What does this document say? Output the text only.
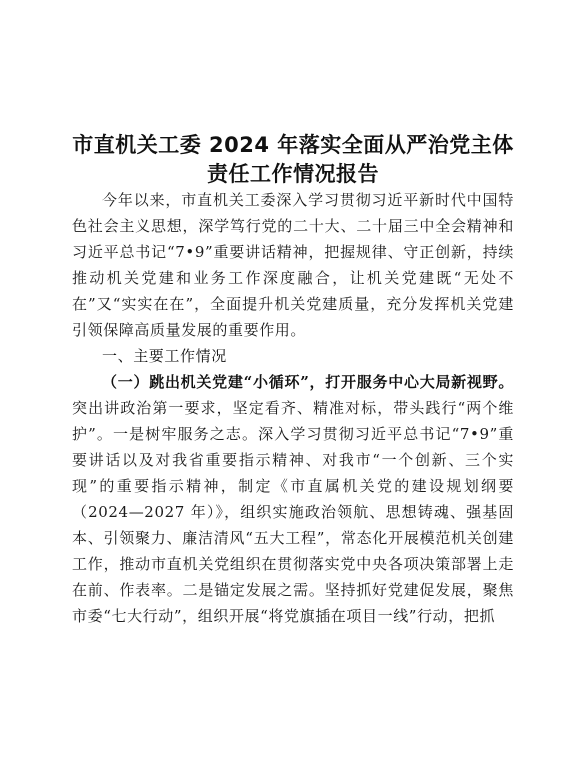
市直机关工委 2024 年落实全面从严治党主体责任工作情况报告

今年以来，市直机关工委深入学习贯彻习近平新时代中国特色社会主义思想，深学笃行党的二十大、二十届三中全会精神和习近平总书记“7•9”重要讲话精神，把握规律、守正创新，持续推动机关党建和业务工作深度融合，让机关党建既“无处不在”又“实实在在”，全面提升机关党建质量，充分发挥机关党建引领保障高质量发展的重要作用。

一、主要工作情况

（一）跳出机关党建“小循环”，打开服务中心大局新视野。突出讲政治第一要求，坚定看齐、精准对标，带头践行“两个维护”。一是树牢服务之志。深入学习贯彻习近平总书记“7•9”重要讲话以及对我省重要指示精神、对我市“一个创新、三个实现”的重要指示精神，制定《市直属机关党的建设规划纲要（2024—2027 年）》，组织实施政治领航、思想铸魂、强基固本、引领聚力、廉洁清风“五大工程”，常态化开展模范机关创建工作，推动市直机关党组织在贯彻落实党中央各项决策部署上走在前、作表率。二是锚定发展之需。坚持抓好党建促发展，聚焦市委“七大行动”，组织开展“将党旗插在项目一线”行动，把抓
